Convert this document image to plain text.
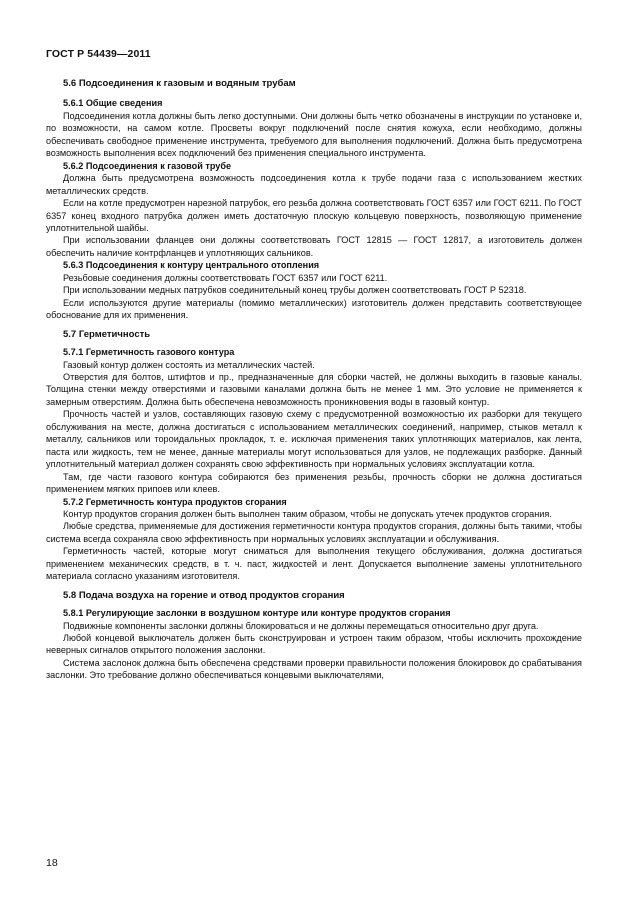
ГОСТ Р 54439—2011

5.6 Подсоединения к газовым и водяным трубам

5.6.1 Общие сведения

Подсоединения котла должны быть легко доступными. Они должны быть четко обозначены в инструкции по установке и, по возможности, на самом котле. Просветы вокруг подключений после снятия кожуха, если необходимо, должны обеспечивать свободное применение инструмента, требуемого для выполнения подключений. Должна быть предусмотрена возможность выполнения всех подключений без применения специального инструмента.

5.6.2 Подсоединения к газовой трубе

Должна быть предусмотрена возможность подсоединения котла к трубе подачи газа с использованием жестких металлических средств.

Если на котле предусмотрен нарезной патрубок, его резьба должна соответствовать ГОСТ 6357 или ГОСТ 6211. По ГОСТ 6357 конец входного патрубка должен иметь достаточную плоскую кольцевую поверхность, позволяющую применение уплотнительной шайбы.

При использовании фланцев они должны соответствовать ГОСТ 12815 — ГОСТ 12817, а изготовитель должен обеспечить наличие контрфланцев и уплотняющих сальников.

5.6.3 Подсоединения к контуру центрального отопления

Резьбовые соединения должны соответствовать ГОСТ 6357 или ГОСТ 6211.

При использовании медных патрубков соединительный конец трубы должен соответствовать ГОСТ Р 52318.

Если используются другие материалы (помимо металлических) изготовитель должен представить соответствующее обоснование для их применения.

5.7 Герметичность

5.7.1 Герметичность газового контура

Газовый контур должен состоять из металлических частей.

Отверстия для болтов, штифтов и пр., предназначенные для сборки частей, не должны выходить в газовые каналы. Толщина стенки между отверстиями и газовыми каналами должна быть не менее 1 мм. Это условие не применяется к замерным отверстиям. Должна быть обеспечена невозможность проникновения воды в газовый контур.

Прочность частей и узлов, составляющих газовую схему с предусмотренной возможностью их разборки для текущего обслуживания на месте, должна достигаться с использованием металлических соединений, например, стыков металл к металлу, сальников или тороидальных прокладок, т. е. исключая применения таких уплотняющих материалов, как лента, паста или жидкость, тем не менее, данные материалы могут использоваться для узлов, не подлежащих разборке. Данный уплотнительный материал должен сохранять свою эффективность при нормальных условиях эксплуатации котла.

Там, где части газового контура собираются без применения резьбы, прочность сборки не должна достигаться применением мягких припоев или клеев.

5.7.2 Герметичность контура продуктов сгорания

Контур продуктов сгорания должен быть выполнен таким образом, чтобы не допускать утечек продуктов сгорания.

Любые средства, применяемые для достижения герметичности контура продуктов сгорания, должны быть такими, чтобы система всегда сохраняла свою эффективность при нормальных условиях эксплуатации и обслуживания.

Герметичность частей, которые могут сниматься для выполнения текущего обслуживания, должна достигаться применением механических средств, в т. ч. паст, жидкостей и лент. Допускается выполнение замены уплотнительного материала согласно указаниям изготовителя.

5.8 Подача воздуха на горение и отвод продуктов сгорания

5.8.1 Регулирующие заслонки в воздушном контуре или контуре продуктов сгорания

Подвижные компоненты заслонки должны блокироваться и не должны перемещаться относительно друг друга.

Любой концевой выключатель должен быть сконструирован и устроен таким образом, чтобы исключить прохождение неверных сигналов открытого положения заслонки.

Система заслонок должна быть обеспечена средствами проверки правильности положения блокировок до срабатывания заслонки. Это требование должно обеспечиваться концевыми выключателями,

18
